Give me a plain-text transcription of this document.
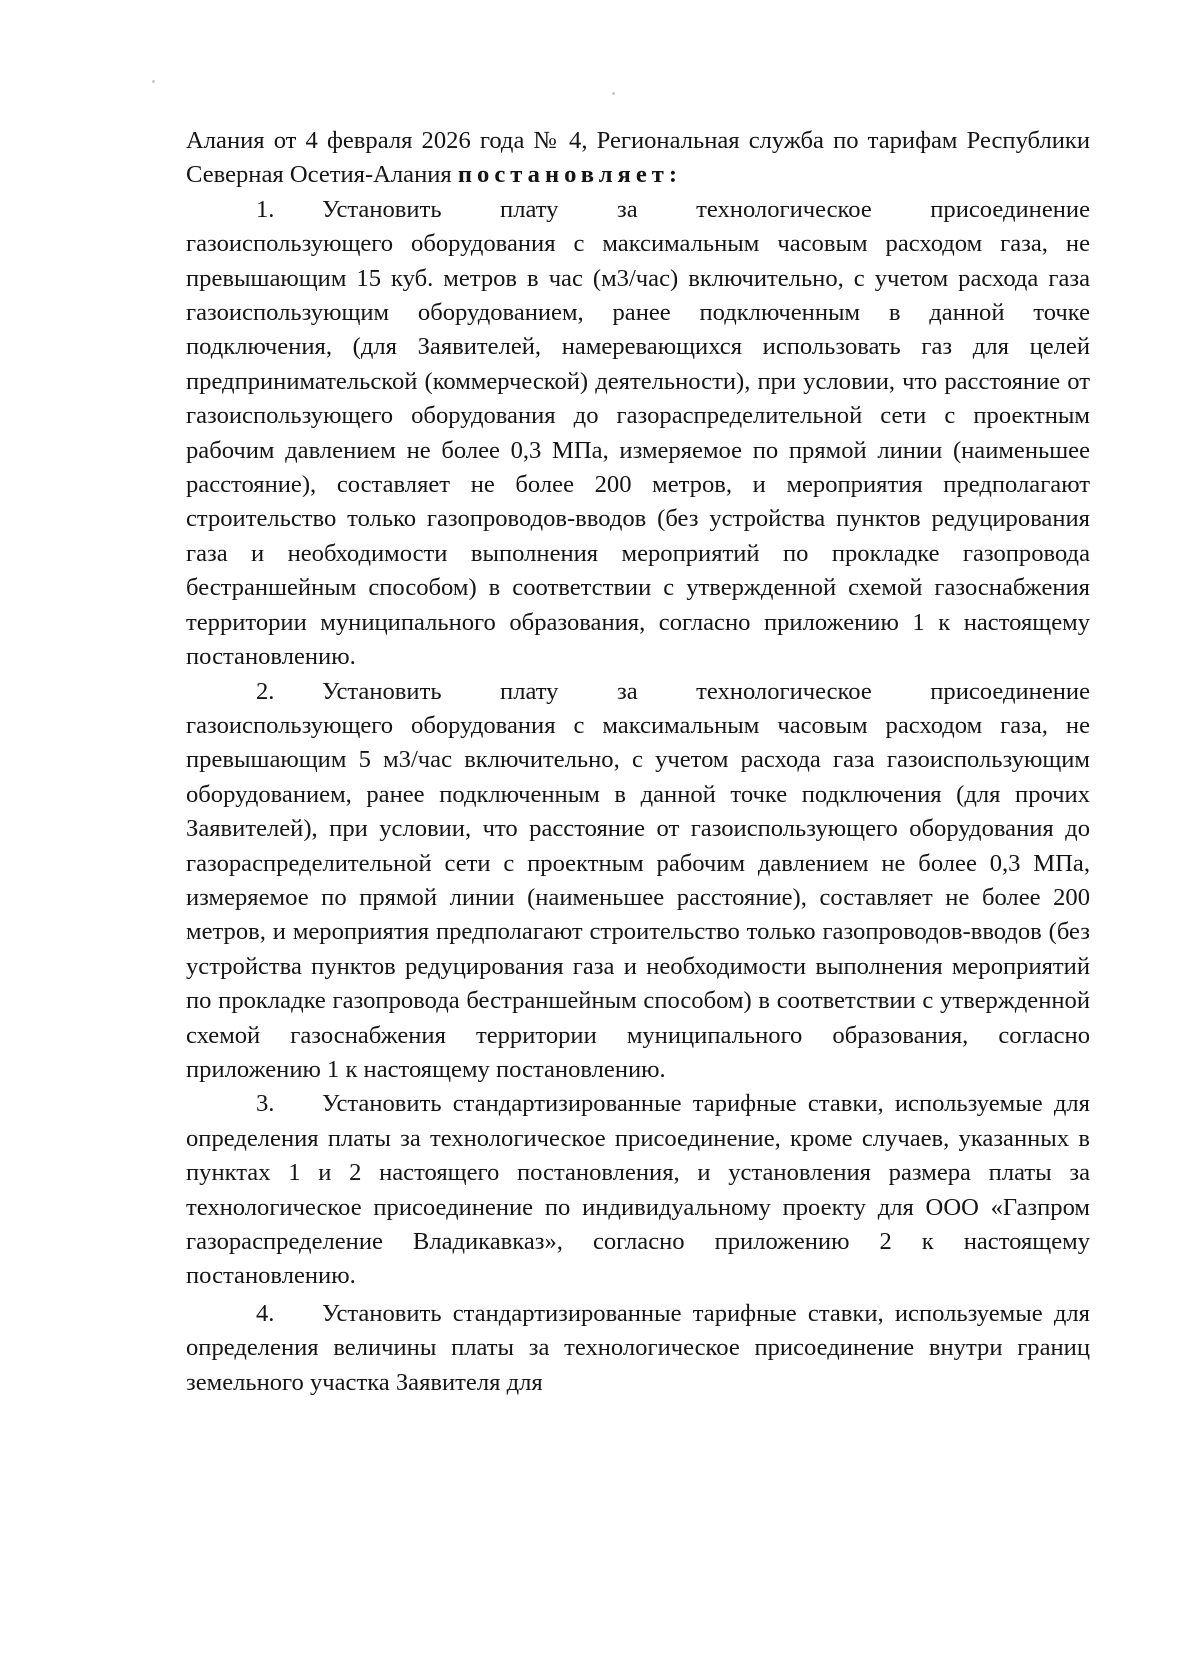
Алания от 4 февраля 2026 года № 4, Региональная служба по тарифам Республики Северная Осетия-Алания постановляет:

1. Установить плату за технологическое присоединение газоиспользующего оборудования с максимальным часовым расходом газа, не превышающим 15 куб. метров в час (м3/час) включительно, с учетом расхода газа газоиспользующим оборудованием, ранее подключенным в данной точке подключения, (для Заявителей, намеревающихся использовать газ для целей предпринимательской (коммерческой) деятельности), при условии, что расстояние от газоиспользующего оборудования до газораспределительной сети с проектным рабочим давлением не более 0,3 МПа, измеряемое по прямой линии (наименьшее расстояние), составляет не более 200 метров, и мероприятия предполагают строительство только газопроводов-вводов (без устройства пунктов редуцирования газа и необходимости выполнения мероприятий по прокладке газопровода бестраншейным способом) в соответствии с утвержденной схемой газоснабжения территории муниципального образования, согласно приложению 1 к настоящему постановлению.

2. Установить плату за технологическое присоединение газоиспользующего оборудования с максимальным часовым расходом газа, не превышающим 5 м3/час включительно, с учетом расхода газа газоиспользующим оборудованием, ранее подключенным в данной точке подключения (для прочих Заявителей), при условии, что расстояние от газоиспользующего оборудования до газораспределительной сети с проектным рабочим давлением не более 0,3 МПа, измеряемое по прямой линии (наименьшее расстояние), составляет не более 200 метров, и мероприятия предполагают строительство только газопроводов-вводов (без устройства пунктов редуцирования газа и необходимости выполнения мероприятий по прокладке газопровода бестраншейным способом) в соответствии с утвержденной схемой газоснабжения территории муниципального образования, согласно приложению 1 к настоящему постановлению.

3. Установить стандартизированные тарифные ставки, используемые для определения платы за технологическое присоединение, кроме случаев, указанных в пунктах 1 и 2 настоящего постановления, и установления размера платы за технологическое присоединение по индивидуальному проекту для ООО «Газпром газораспределение Владикавказ», согласно приложению 2 к настоящему постановлению.

4. Установить стандартизированные тарифные ставки, используемые для определения величины платы за технологическое присоединение внутри границ земельного участка Заявителя для
